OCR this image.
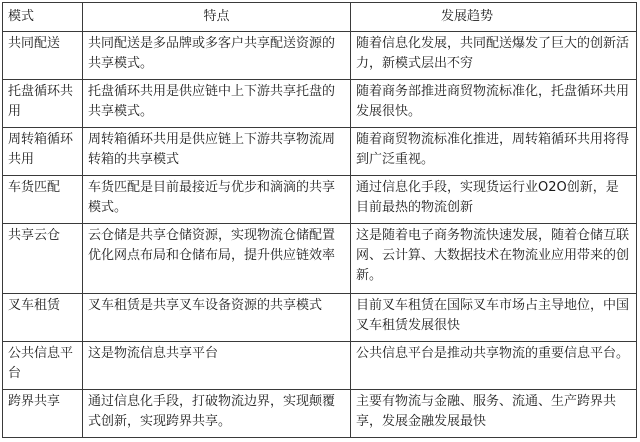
模式	特点	发展趋势
共同配送	共同配送是多品牌或多客户共享配送资源的共享模式。	随着信息化发展，共同配送爆发了巨大的创新活力，新模式层出不穷
托盘循环共用	托盘循环共用是供应链中上下游共享托盘的共享模式。	随着商务部推进商贸物流标准化，托盘循环共用发展很快。
周转箱循环共用	周转箱循环共用是供应链上下游共享物流周转箱的共享模式	随着商贸物流标准化推进，周转箱循环共用将得到广泛重视。
车货匹配	车货匹配是目前最接近与优步和滴滴的共享模式。	通过信息化手段，实现货运行业O2O创新，是目前最热的物流创新
共享云仓	云仓储是共享仓储资源，实现物流仓储配置优化网点布局和仓储布局，提升供应链效率	这是随着电子商务物流快速发展，随着仓储互联网、云计算、大数据技术在物流业应用带来的创新。
叉车租赁	叉车租赁是共享叉车设备资源的共享模式	目前叉车租赁在国际叉车市场占主导地位，中国叉车租赁发展很快
公共信息平台	这是物流信息共享平台	公共信息平台是推动共享物流的重要信息平台。
跨界共享	通过信息化手段，打破物流边界，实现颠覆式创新，实现跨界共享。	主要有物流与金融、服务、流通、生产跨界共享，发展金融发展最快
